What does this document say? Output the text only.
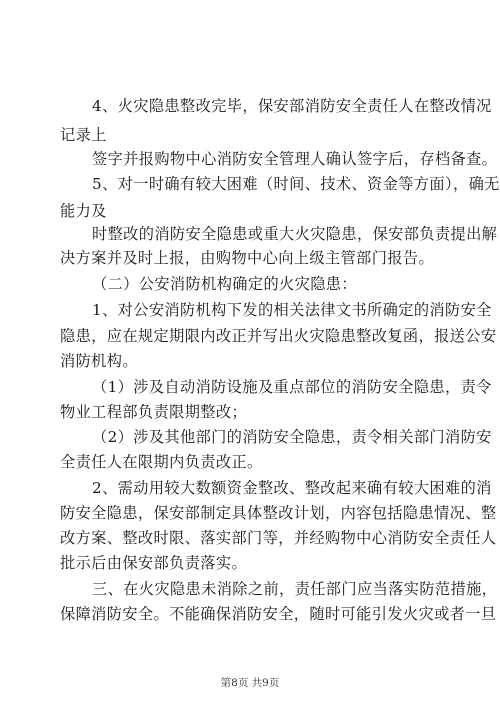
4、火灾隐患整改完毕，保安部消防安全责任人在整改情况
记录上
签字并报购物中心消防安全管理人确认签字后，存档备查。
5、对一时确有较大困难（时间、技术、资金等方面），确无
能力及
时整改的消防安全隐患或重大火灾隐患，保安部负责提出解
决方案并及时上报，由购物中心向上级主管部门报告。
（二）公安消防机构确定的火灾隐患：
1、对公安消防机构下发的相关法律文书所确定的消防安全
隐患，应在规定期限内改正并写出火灾隐患整改复函，报送公安
消防机构。
（1）涉及自动消防设施及重点部位的消防安全隐患，责令
物业工程部负责限期整改；
（2）涉及其他部门的消防安全隐患，责令相关部门消防安
全责任人在限期内负责改正。
2、需动用较大数额资金整改、整改起来确有较大困难的消
防安全隐患，保安部制定具体整改计划，内容包括隐患情况、整
改方案、整改时限、落实部门等，并经购物中心消防安全责任人
批示后由保安部负责落实。
三、在火灾隐患未消除之前，责任部门应当落实防范措施，
保障消防安全。不能确保消防安全，随时可能引发火灾或者一旦
第8页 共9页
